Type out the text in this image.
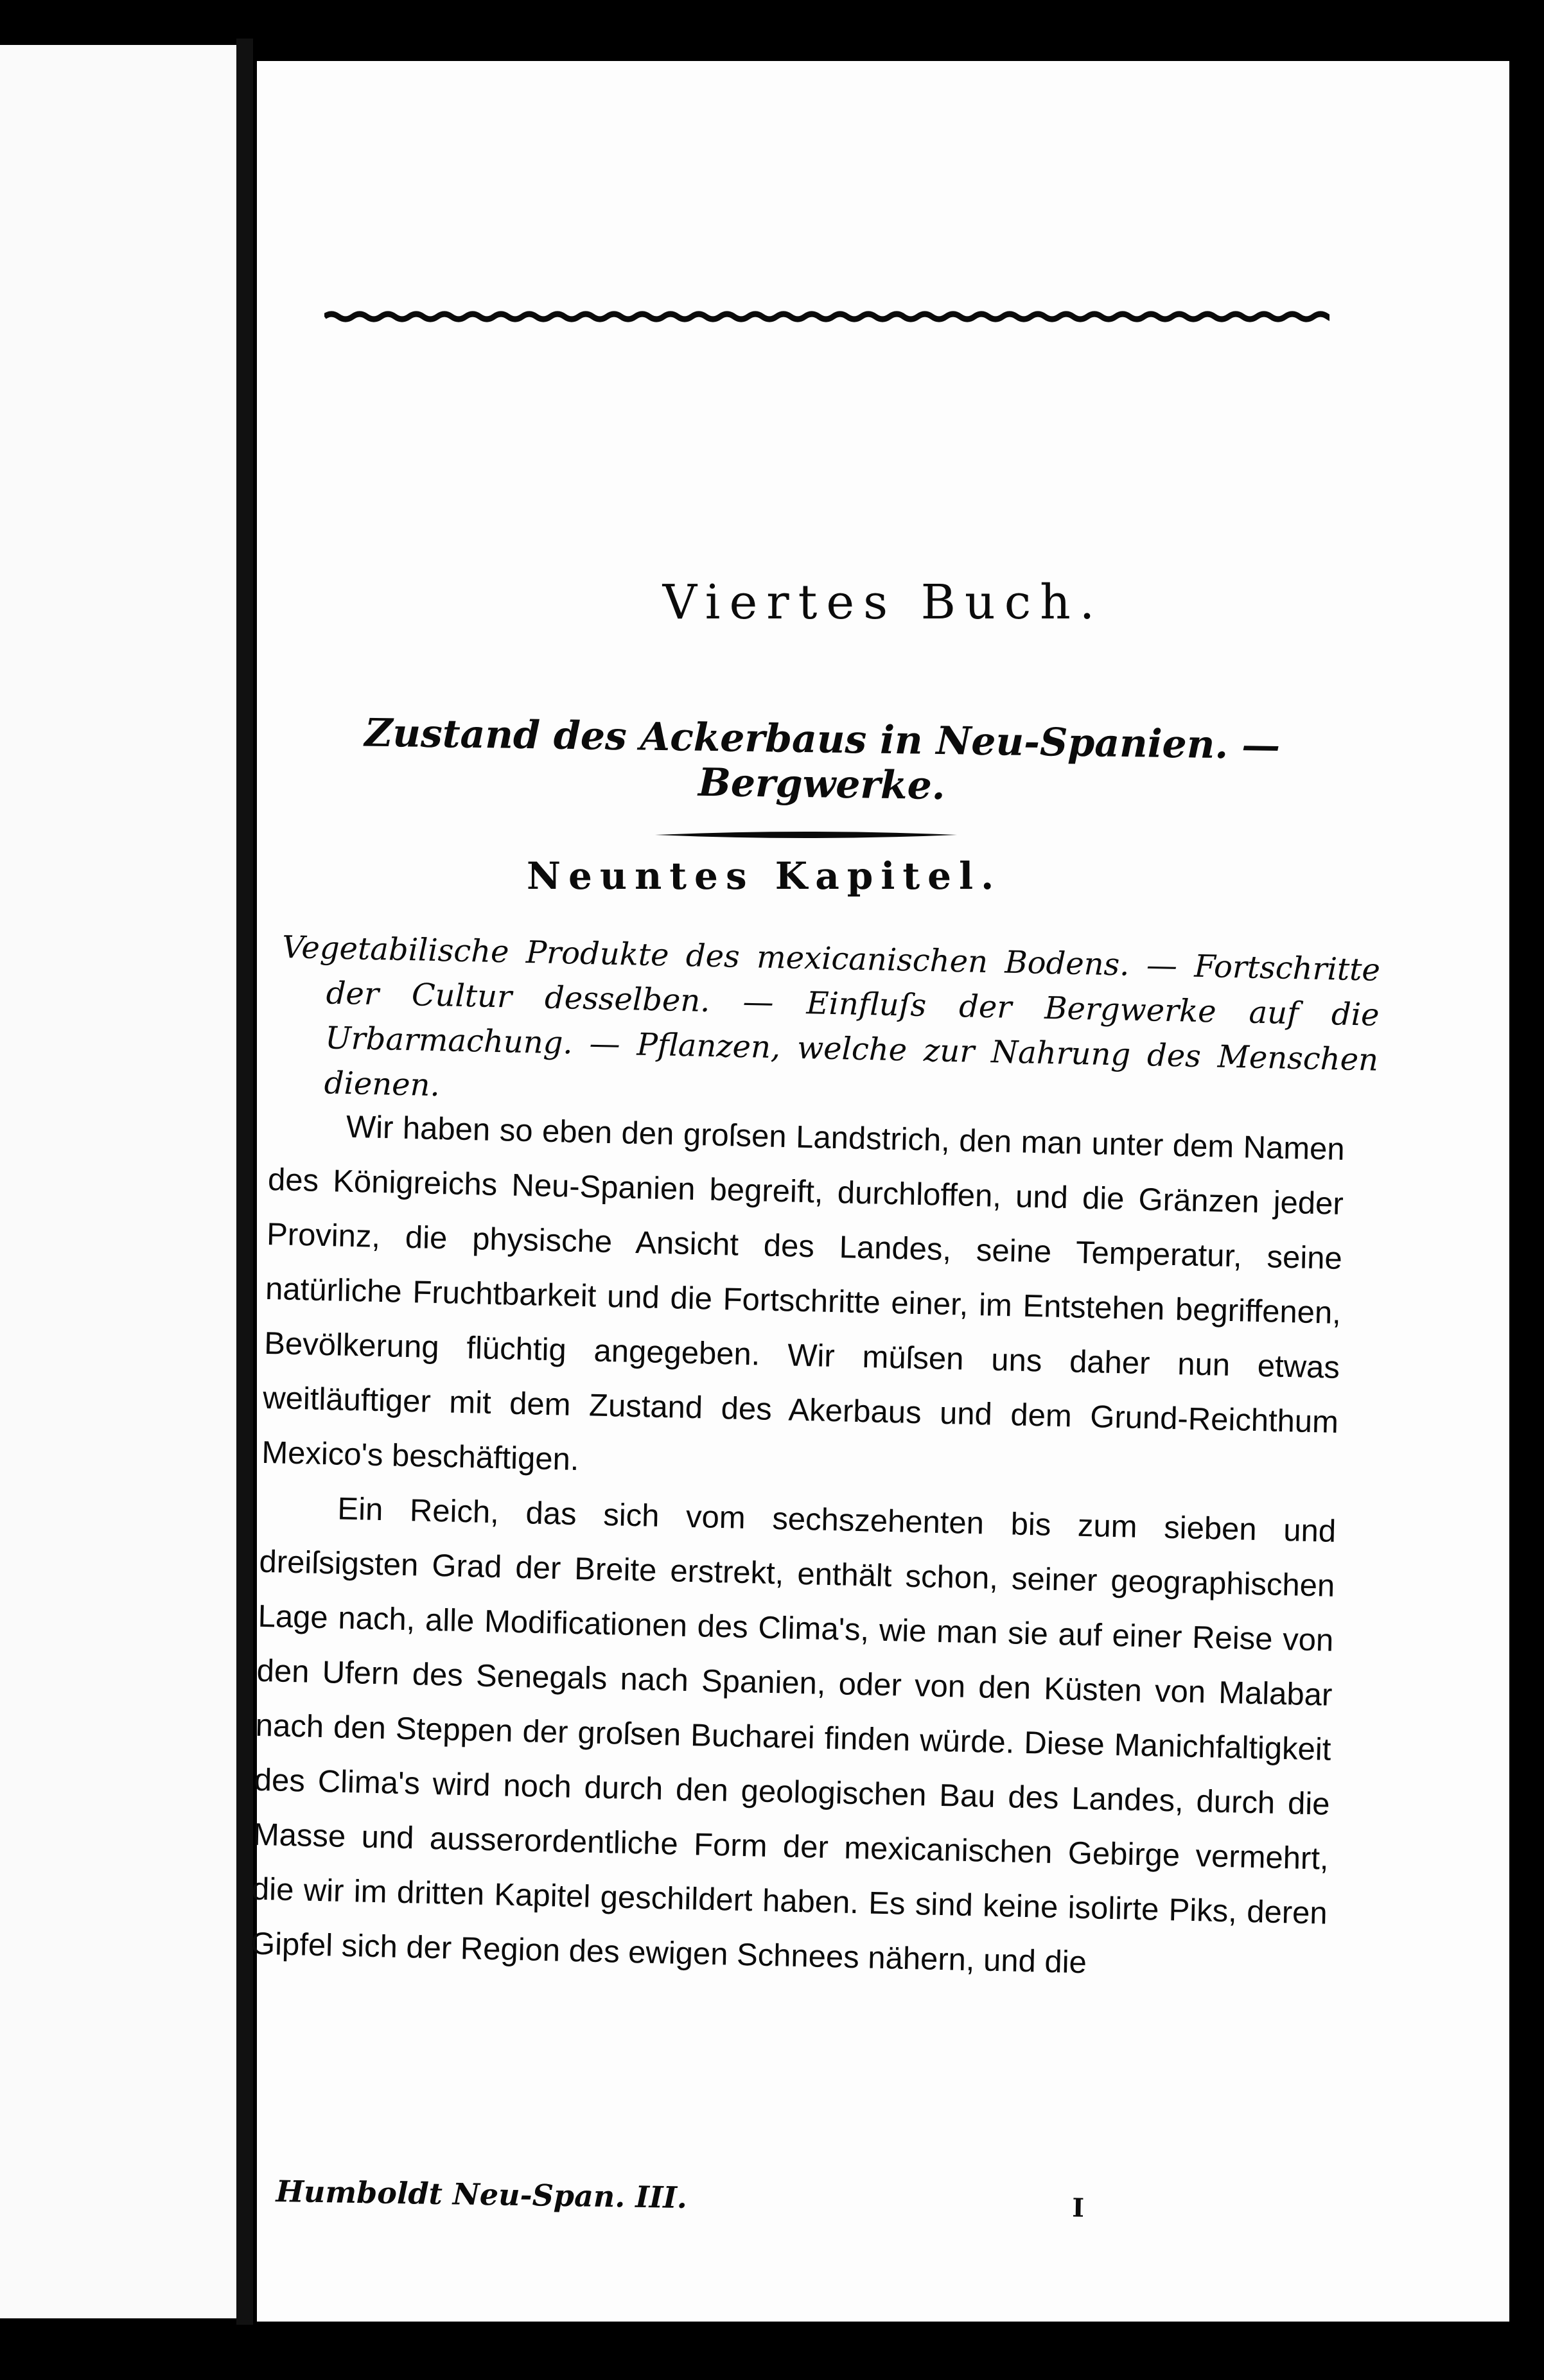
Viertes Buch.
Zustand des Ackerbaus in Neu-Spanien. — Bergwerke.
Neuntes Kapitel.

Vegetabilische Produkte des mexicanischen Bodens. — Fortschritte der Cultur desselben. — Einfluſs der Bergwerke auf die Urbarmachung. — Pflanzen, welche zur Nahrung des Menschen dienen.

Wir haben so eben den groſsen Landstrich, den man unter dem Namen des Königreichs Neu-Spanien begreift, durchloffen, und die Gränzen jeder Provinz, die physische Ansicht des Landes, seine Temperatur, seine natürliche Fruchtbarkeit und die Fortschritte einer, im Entstehen begriffenen, Bevölkerung flüchtig angegeben. Wir müſsen uns daher nun etwas weitläuftiger mit dem Zustand des Akerbaus und dem Grund-Reichthum Mexico's beschäftigen.

Ein Reich, das sich vom sechszehenten bis zum sieben und dreiſsigsten Grad der Breite erstrekt, enthält schon, seiner geographischen Lage nach, alle Modificationen des Clima's, wie man sie auf einer Reise von den Ufern des Senegals nach Spanien, oder von den Küsten von Malabar nach den Steppen der groſsen Bucharei finden würde. Diese Manichfaltigkeit des Clima's wird noch durch den geologischen Bau des Landes, durch die Masse und ausserordentliche Form der mexicanischen Gebirge vermehrt, die wir im dritten Kapitel geschildert haben. Es sind keine isolirte Piks, deren Gipfel sich der Region des ewigen Schnees nähern, und die

Humboldt Neu-Span. III.	I
